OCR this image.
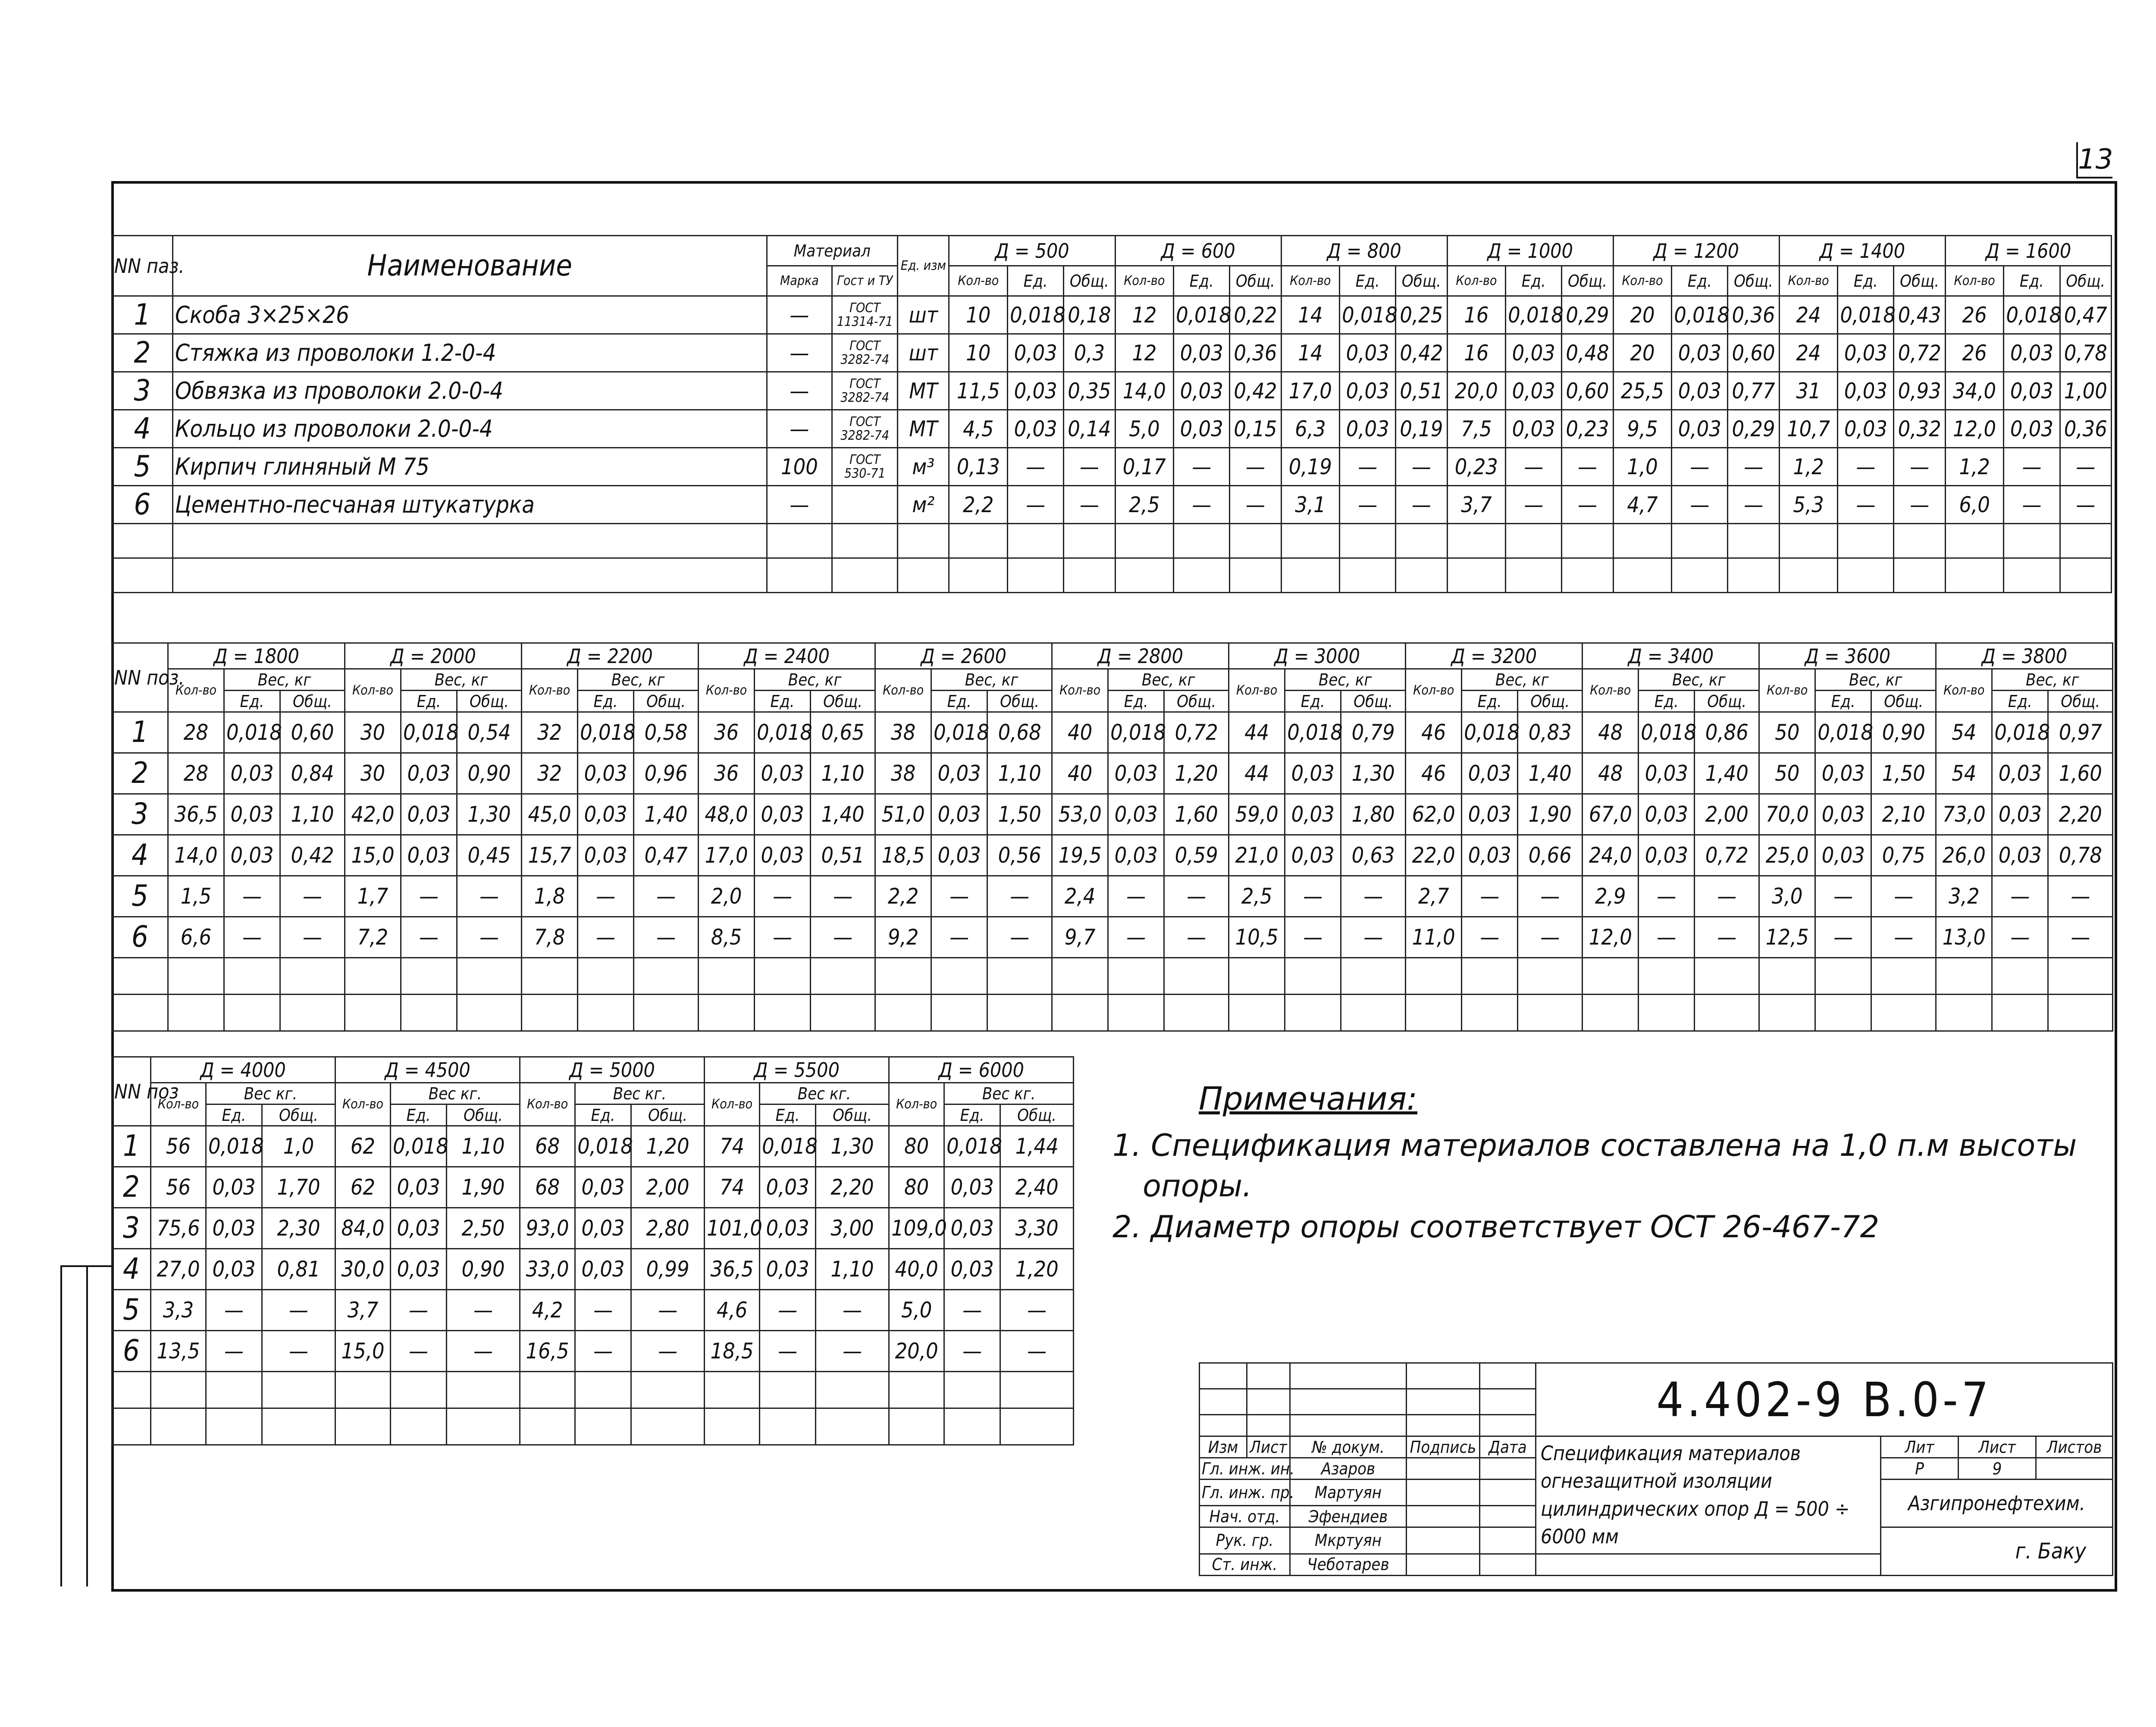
13
NN паз.	Наименование	Материал		Ед. изм	Д = 500			Д = 600			Д = 800			Д = 1000			Д = 1200			Д = 1400			Д = 1600		
		Марка	Гост и ТУ		Кол-во	Ед.	Общ.	Кол-во	Ед.	Общ.	Кол-во	Ед.	Общ.	Кол-во	Ед.	Общ.	Кол-во	Ед.	Общ.	Кол-во	Ед.	Общ.	Кол-во	Ед.	Общ.
1	Скоба 3×25×26	—	ГОСТ 11314-71	шт	10	0,018	0,18	12	0,018	0,22	14	0,018	0,25	16	0,018	0,29	20	0,018	0,36	24	0,018	0,43	26	0,018	0,47
2	Стяжка из проволоки 1.2-0-4	—	ГОСТ 3282-74	шт	10	0,03	0,3	12	0,03	0,36	14	0,03	0,42	16	0,03	0,48	20	0,03	0,60	24	0,03	0,72	26	0,03	0,78
3	Обвязка из проволоки 2.0-0-4	—	ГОСТ 3282-74	МТ	11,5	0,03	0,35	14,0	0,03	0,42	17,0	0,03	0,51	20,0	0,03	0,60	25,5	0,03	0,77	31	0,03	0,93	34,0	0,03	1,00
4	Кольцо из проволоки 2.0-0-4	—	ГОСТ 3282-74	МТ	4,5	0,03	0,14	5,0	0,03	0,15	6,3	0,03	0,19	7,5	0,03	0,23	9,5	0,03	0,29	10,7	0,03	0,32	12,0	0,03	0,36
5	Кирпич глиняный М 75	100	ГОСТ 530-71	м³	0,13	—	—	0,17	—	—	0,19	—	—	0,23	—	—	1,0	—	—	1,2	—	—	1,2	—	—
6	Цементно-песчаная штукатурка	—		м²	2,2	—	—	2,5	—	—	3,1	—	—	3,7	—	—	4,7	—	—	5,3	—	—	6,0	—	—

NN поз.	Д = 1800			Д = 2000			Д = 2200			Д = 2400			Д = 2600			Д = 2800			Д = 3000			Д = 3200			Д = 3400			Д = 3600			Д = 3800		
	Кол-во	Вес, кг		Кол-во	Вес, кг		Кол-во	Вес, кг		Кол-во	Вес, кг		Кол-во	Вес, кг		Кол-во	Вес, кг		Кол-во	Вес, кг		Кол-во	Вес, кг		Кол-во	Вес, кг		Кол-во	Вес, кг		Кол-во	Вес, кг	
		Ед.	Общ.		Ед.	Общ.		Ед.	Общ.		Ед.	Общ.		Ед.	Общ.		Ед.	Общ.		Ед.	Общ.		Ед.	Общ.		Ед.	Общ.		Ед.	Общ.		Ед.	Общ.
1	28	0,018	0,60	30	0,018	0,54	32	0,018	0,58	36	0,018	0,65	38	0,018	0,68	40	0,018	0,72	44	0,018	0,79	46	0,018	0,83	48	0,018	0,86	50	0,018	0,90	54	0,018	0,97
2	28	0,03	0,84	30	0,03	0,90	32	0,03	0,96	36	0,03	1,10	38	0,03	1,10	40	0,03	1,20	44	0,03	1,30	46	0,03	1,40	48	0,03	1,40	50	0,03	1,50	54	0,03	1,60
3	36,5	0,03	1,10	42,0	0,03	1,30	45,0	0,03	1,40	48,0	0,03	1,40	51,0	0,03	1,50	53,0	0,03	1,60	59,0	0,03	1,80	62,0	0,03	1,90	67,0	0,03	2,00	70,0	0,03	2,10	73,0	0,03	2,20
4	14,0	0,03	0,42	15,0	0,03	0,45	15,7	0,03	0,47	17,0	0,03	0,51	18,5	0,03	0,56	19,5	0,03	0,59	21,0	0,03	0,63	22,0	0,03	0,66	24,0	0,03	0,72	25,0	0,03	0,75	26,0	0,03	0,78
5	1,5	—	—	1,7	—	—	1,8	—	—	2,0	—	—	2,2	—	—	2,4	—	—	2,5	—	—	2,7	—	—	2,9	—	—	3,0	—	—	3,2	—	—
6	6,6	—	—	7,2	—	—	7,8	—	—	8,5	—	—	9,2	—	—	9,7	—	—	10,5	—	—	11,0	—	—	12,0	—	—	12,5	—	—	13,0	—	—

NN поз	Д = 4000			Д = 4500			Д = 5000			Д = 5500			Д = 6000		
	Кол-во	Вес кг.		Кол-во	Вес кг.		Кол-во	Вес кг.		Кол-во	Вес кг.		Кол-во	Вес кг.	
		Ед.	Общ.		Ед.	Общ.		Ед.	Общ.		Ед.	Общ.		Ед.	Общ.
1	56	0,018	1,0	62	0,018	1,10	68	0,018	1,20	74	0,018	1,30	80	0,018	1,44
2	56	0,03	1,70	62	0,03	1,90	68	0,03	2,00	74	0,03	2,20	80	0,03	2,40
3	75,6	0,03	2,30	84,0	0,03	2,50	93,0	0,03	2,80	101,0	0,03	3,00	109,0	0,03	3,30
4	27,0	0,03	0,81	30,0	0,03	0,90	33,0	0,03	0,99	36,5	0,03	1,10	40,0	0,03	1,20
5	3,3	—	—	3,7	—	—	4,2	—	—	4,6	—	—	5,0	—	—
6	13,5	—	—	15,0	—	—	16,5	—	—	18,5	—	—	20,0	—	—

Примечания:
1. Спецификация материалов составлена на 1,0 п.м высоты
опоры.
2. Диаметр опоры соответствует ОСТ 26-467-72
					4.402-9 В.0-7			

Изм	Лист	№ докум.	Подпись	Дата	Спецификация материалов огнезащитной изоляции цилиндрических опор Д = 500 ÷ 6000 мм	Лит	Лист	Листов
Гл. инж. ин.		Азаров				Р	9	
Гл. инж. пр.		Мартуян				Азгипронефтехим.		
Нач. отд.		Эфендиев						
Рук. гр.		Мкртуян				г. Баку		
Ст. инж.		Чеботарев						
